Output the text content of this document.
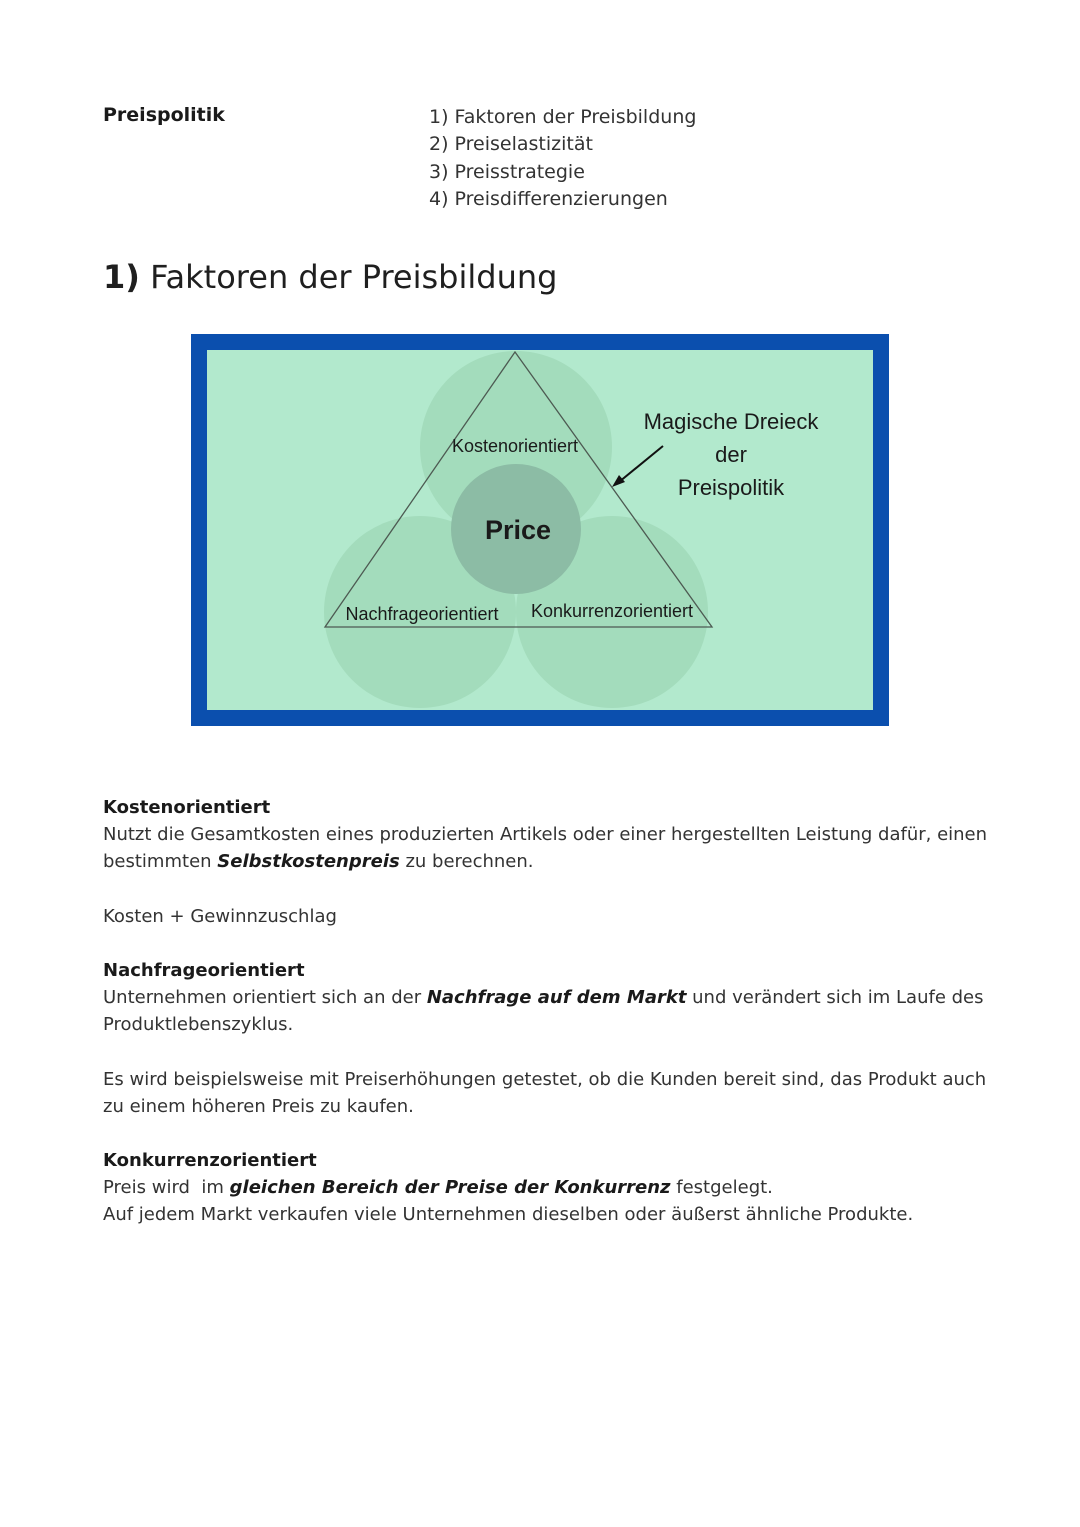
Preispolitik	1) Faktoren der Preisbildung
2) Preiselastizität
3) Preisstrategie
4) Preisdifferenzierungen
1) Faktoren der Preisbildung
Price
Kostenorientiert
Nachfrageorientiert Konkurrenzorientiert
Magische Dreieck
der
Preispolitik

Kostenorientiert

Nutzt die Gesamtkosten eines produzierten Artikels oder einer hergestellten Leistung dafür, einen bestimmten Selbstkostenpreis zu berechnen.

Kosten + Gewinnzuschlag

Nachfrageorientiert

Unternehmen orientiert sich an der Nachfrage auf dem Markt und verändert sich im Laufe des Produktlebenszyklus.

Es wird beispielsweise mit Preiserhöhungen getestet, ob die Kunden bereit sind, das Produkt auch zu einem höheren Preis zu kaufen.

Konkurrenzorientiert

Preis wird  im gleichen Bereich der Preise der Konkurrenz festgelegt.

Auf jedem Markt verkaufen viele Unternehmen dieselben oder äußerst ähnliche Produkte.
